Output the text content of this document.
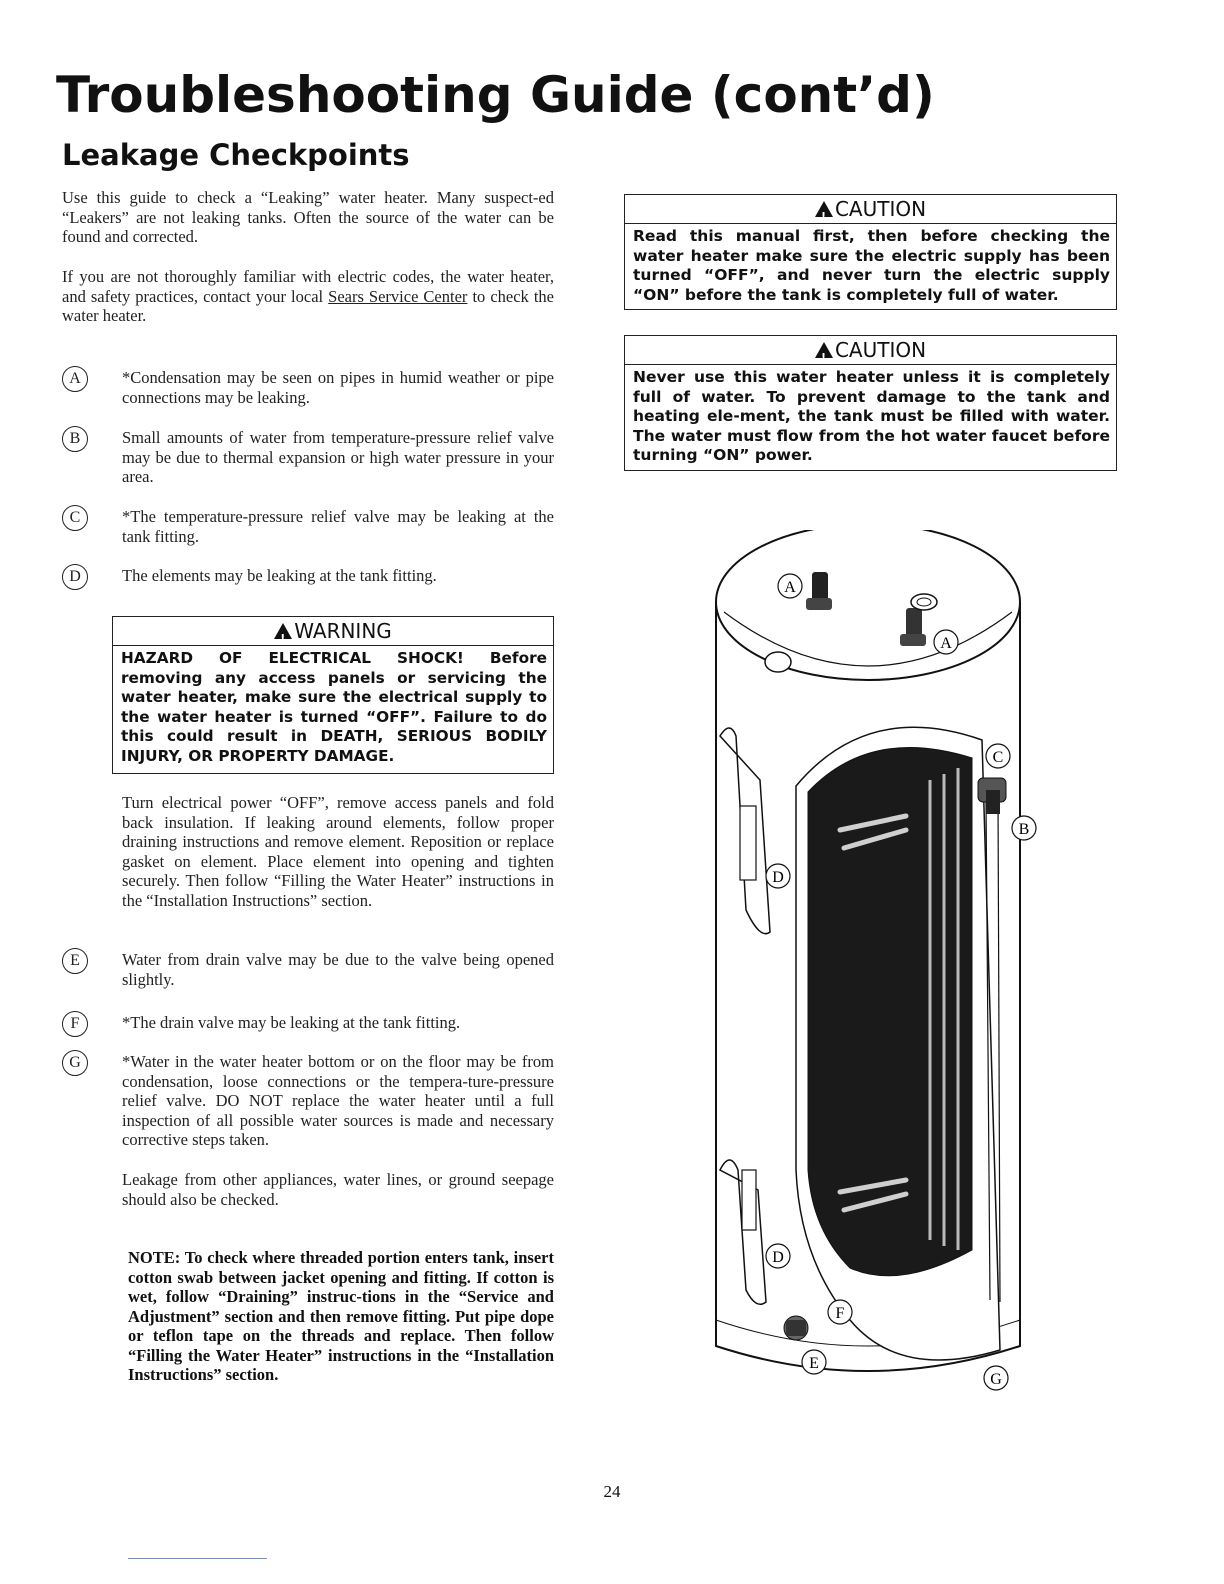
Troubleshooting Guide (cont’d)
Leakage Checkpoints
Use this guide to check a “Leaking” water heater. Many suspect-ed “Leakers” are not leaking tanks. Often the source of the water can be found and corrected.
If you are not thoroughly familiar with electric codes, the water heater, and safety practices, contact your local Sears Service Center to check the water heater.
A	*Condensation may be seen on pipes in humid weather or pipe connections may be leaking.
B	Small amounts of water from temperature-pressure relief valve may be due to thermal expansion or high water pressure in your area.
C	*The temperature-pressure relief valve may be leaking at the tank fitting.
D	The elements may be leaking at the tank fitting.
!WARNING
HAZARD OF ELECTRICAL SHOCK! Before removing any access panels or servicing the water heater, make sure the electrical supply to the water heater is turned “OFF”. Failure to do this could result in DEATH, SERIOUS BODILY INJURY, OR PROPERTY DAMAGE.
Turn electrical power “OFF”, remove access panels and fold back insulation. If leaking around elements, follow proper draining instructions and remove element. Reposition or replace gasket on element. Place element into opening and tighten securely. Then follow “Filling the Water Heater” instructions in the “Installation Instructions” section.
E	Water from drain valve may be due to the valve being opened slightly.
F	*The drain valve may be leaking at the tank fitting.
G	*Water in the water heater bottom or on the floor may be from condensation, loose connections or the tempera-ture-pressure relief valve. DO NOT replace the water heater until a full inspection of all possible water sources is made and necessary corrective steps taken.
Leakage from other appliances, water lines, or ground seepage should also be checked.
NOTE: To check where threaded portion enters tank, insert cotton swab between jacket opening and fitting. If cotton is wet, follow “Draining” instruc-tions in the “Service and Adjustment” section and then remove fitting. Put pipe dope or teflon tape on the threads and replace. Then follow “Filling the Water Heater” instructions in the “Installation Instructions” section.
!CAUTION
Read this manual first, then before checking the water heater make sure the electric supply has been turned “OFF”, and never turn the electric supply “ON” before the tank is completely full of water.
!CAUTION
Never use this water heater unless it is completely full of water. To prevent damage to the tank and heating ele-ment, the tank must be filled with water. The water must flow from the hot water faucet before turning “ON” power.
A
A
C
B
D
D
F
E
G
24
